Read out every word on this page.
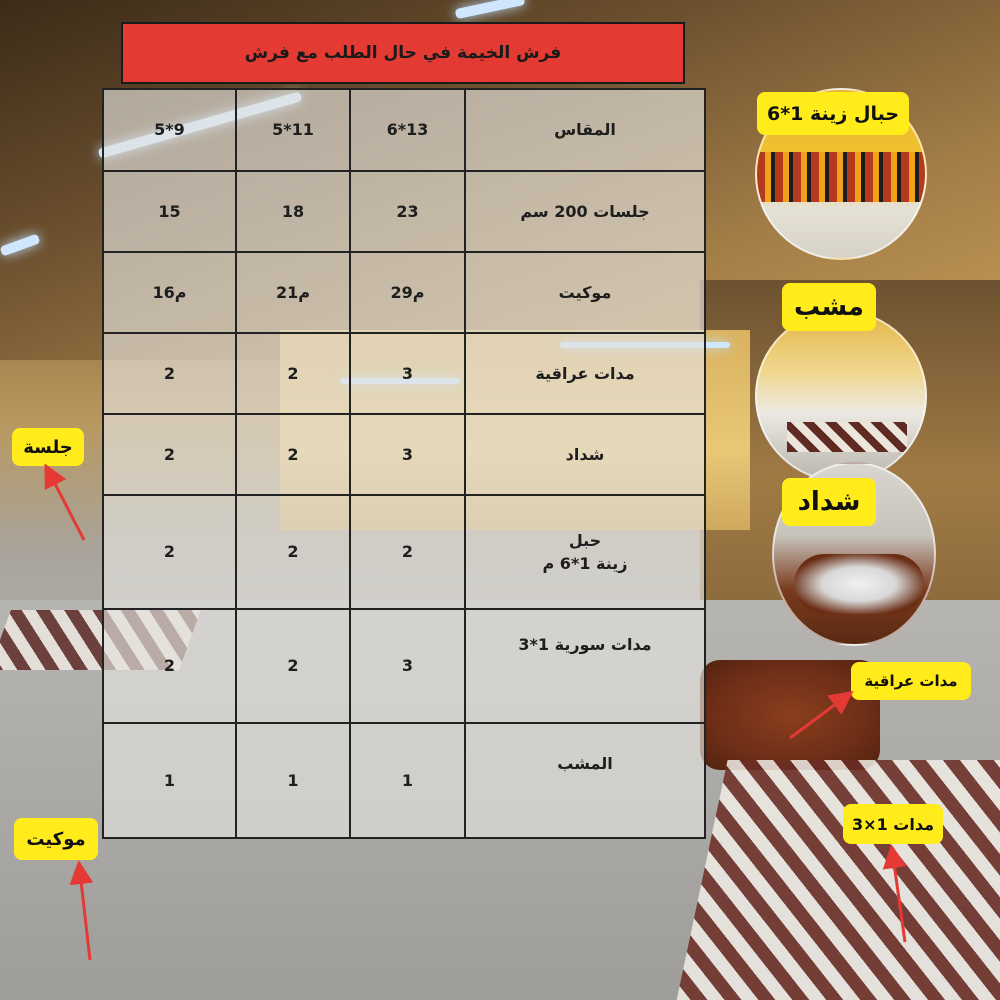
فرش الخيمة في حال الطلب مع فرش
المقاس
6*13
5*11
5*9
جلسات 200 سم
23
18
15
موكيت
29م
21م
16م
مدات عراقية
3
2
2
شداد
3
2
2
حبل
زينة 1*6 م
2
2
2
مدات سورية 1*3
3
2
2
المشب
1
1
1
حبال زينة 1*6
مشب
شداد
جلسة
مدات عراقية
مدات 1×3
موكيت
